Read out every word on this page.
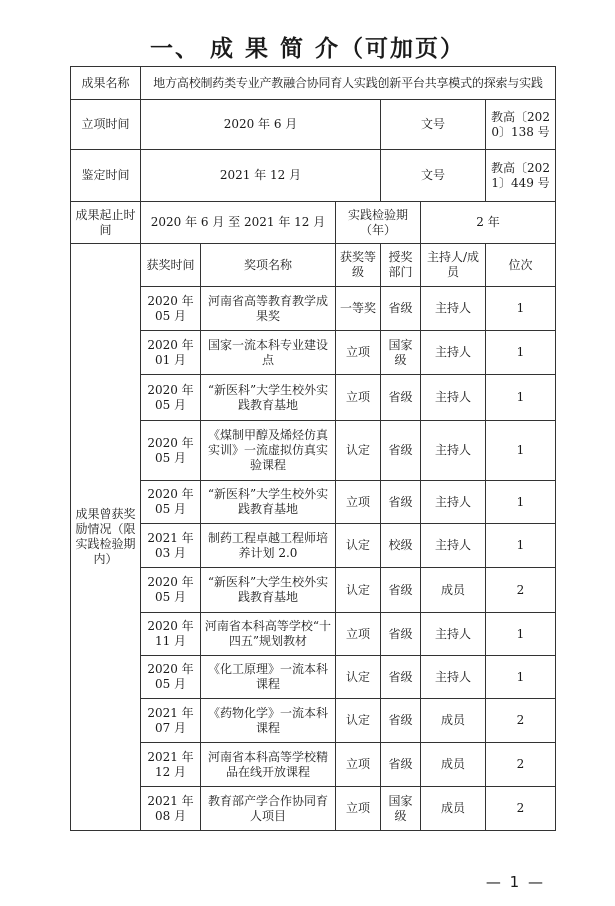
一、 成 果 简 介（可加页）
成果名称	地方高校制药类专业产教融合协同育人实践创新平台共享模式的探索与实践					
立项时间	2020 年 6 月			文号		教高〔2020〕138 号
鉴定时间	2021 年 12 月			文号		教高〔2021〕449 号
成果起止时间	2020 年 6 月 至 2021 年 12 月		实践检验期（年）		2 年	
成果曾获奖励情况（限实践检验期内）	获奖时间	奖项名称	获奖等级	授奖部门	主持人/成员	位次
	2020 年 05 月	河南省高等教育教学成果奖	一等奖	省级	主持人	1
	2020 年 01 月	国家一流本科专业建设点	立项	国家级	主持人	1
	2020 年 05 月	“新医科”大学生校外实践教育基地	立项	省级	主持人	1
	2020 年 05 月	《煤制甲醇及烯烃仿真实训》一流虚拟仿真实验课程	认定	省级	主持人	1
	2020 年 05 月	“新医科”大学生校外实践教育基地	立项	省级	主持人	1
	2021 年 03 月	制药工程卓越工程师培养计划 2.0	认定	校级	主持人	1
	2020 年 05 月	“新医科”大学生校外实践教育基地	认定	省级	成员	2
	2020 年 11 月	河南省本科高等学校“十四五”规划教材	立项	省级	主持人	1
	2020 年 05 月	《化工原理》一流本科课程	认定	省级	主持人	1
	2021 年 07 月	《药物化学》一流本科课程	认定	省级	成员	2
	2021 年 12 月	河南省本科高等学校精品在线开放课程	立项	省级	成员	2
	2021 年 08 月	教育部产学合作协同育人项目	立项	国家级	成员	2
— 1 —
